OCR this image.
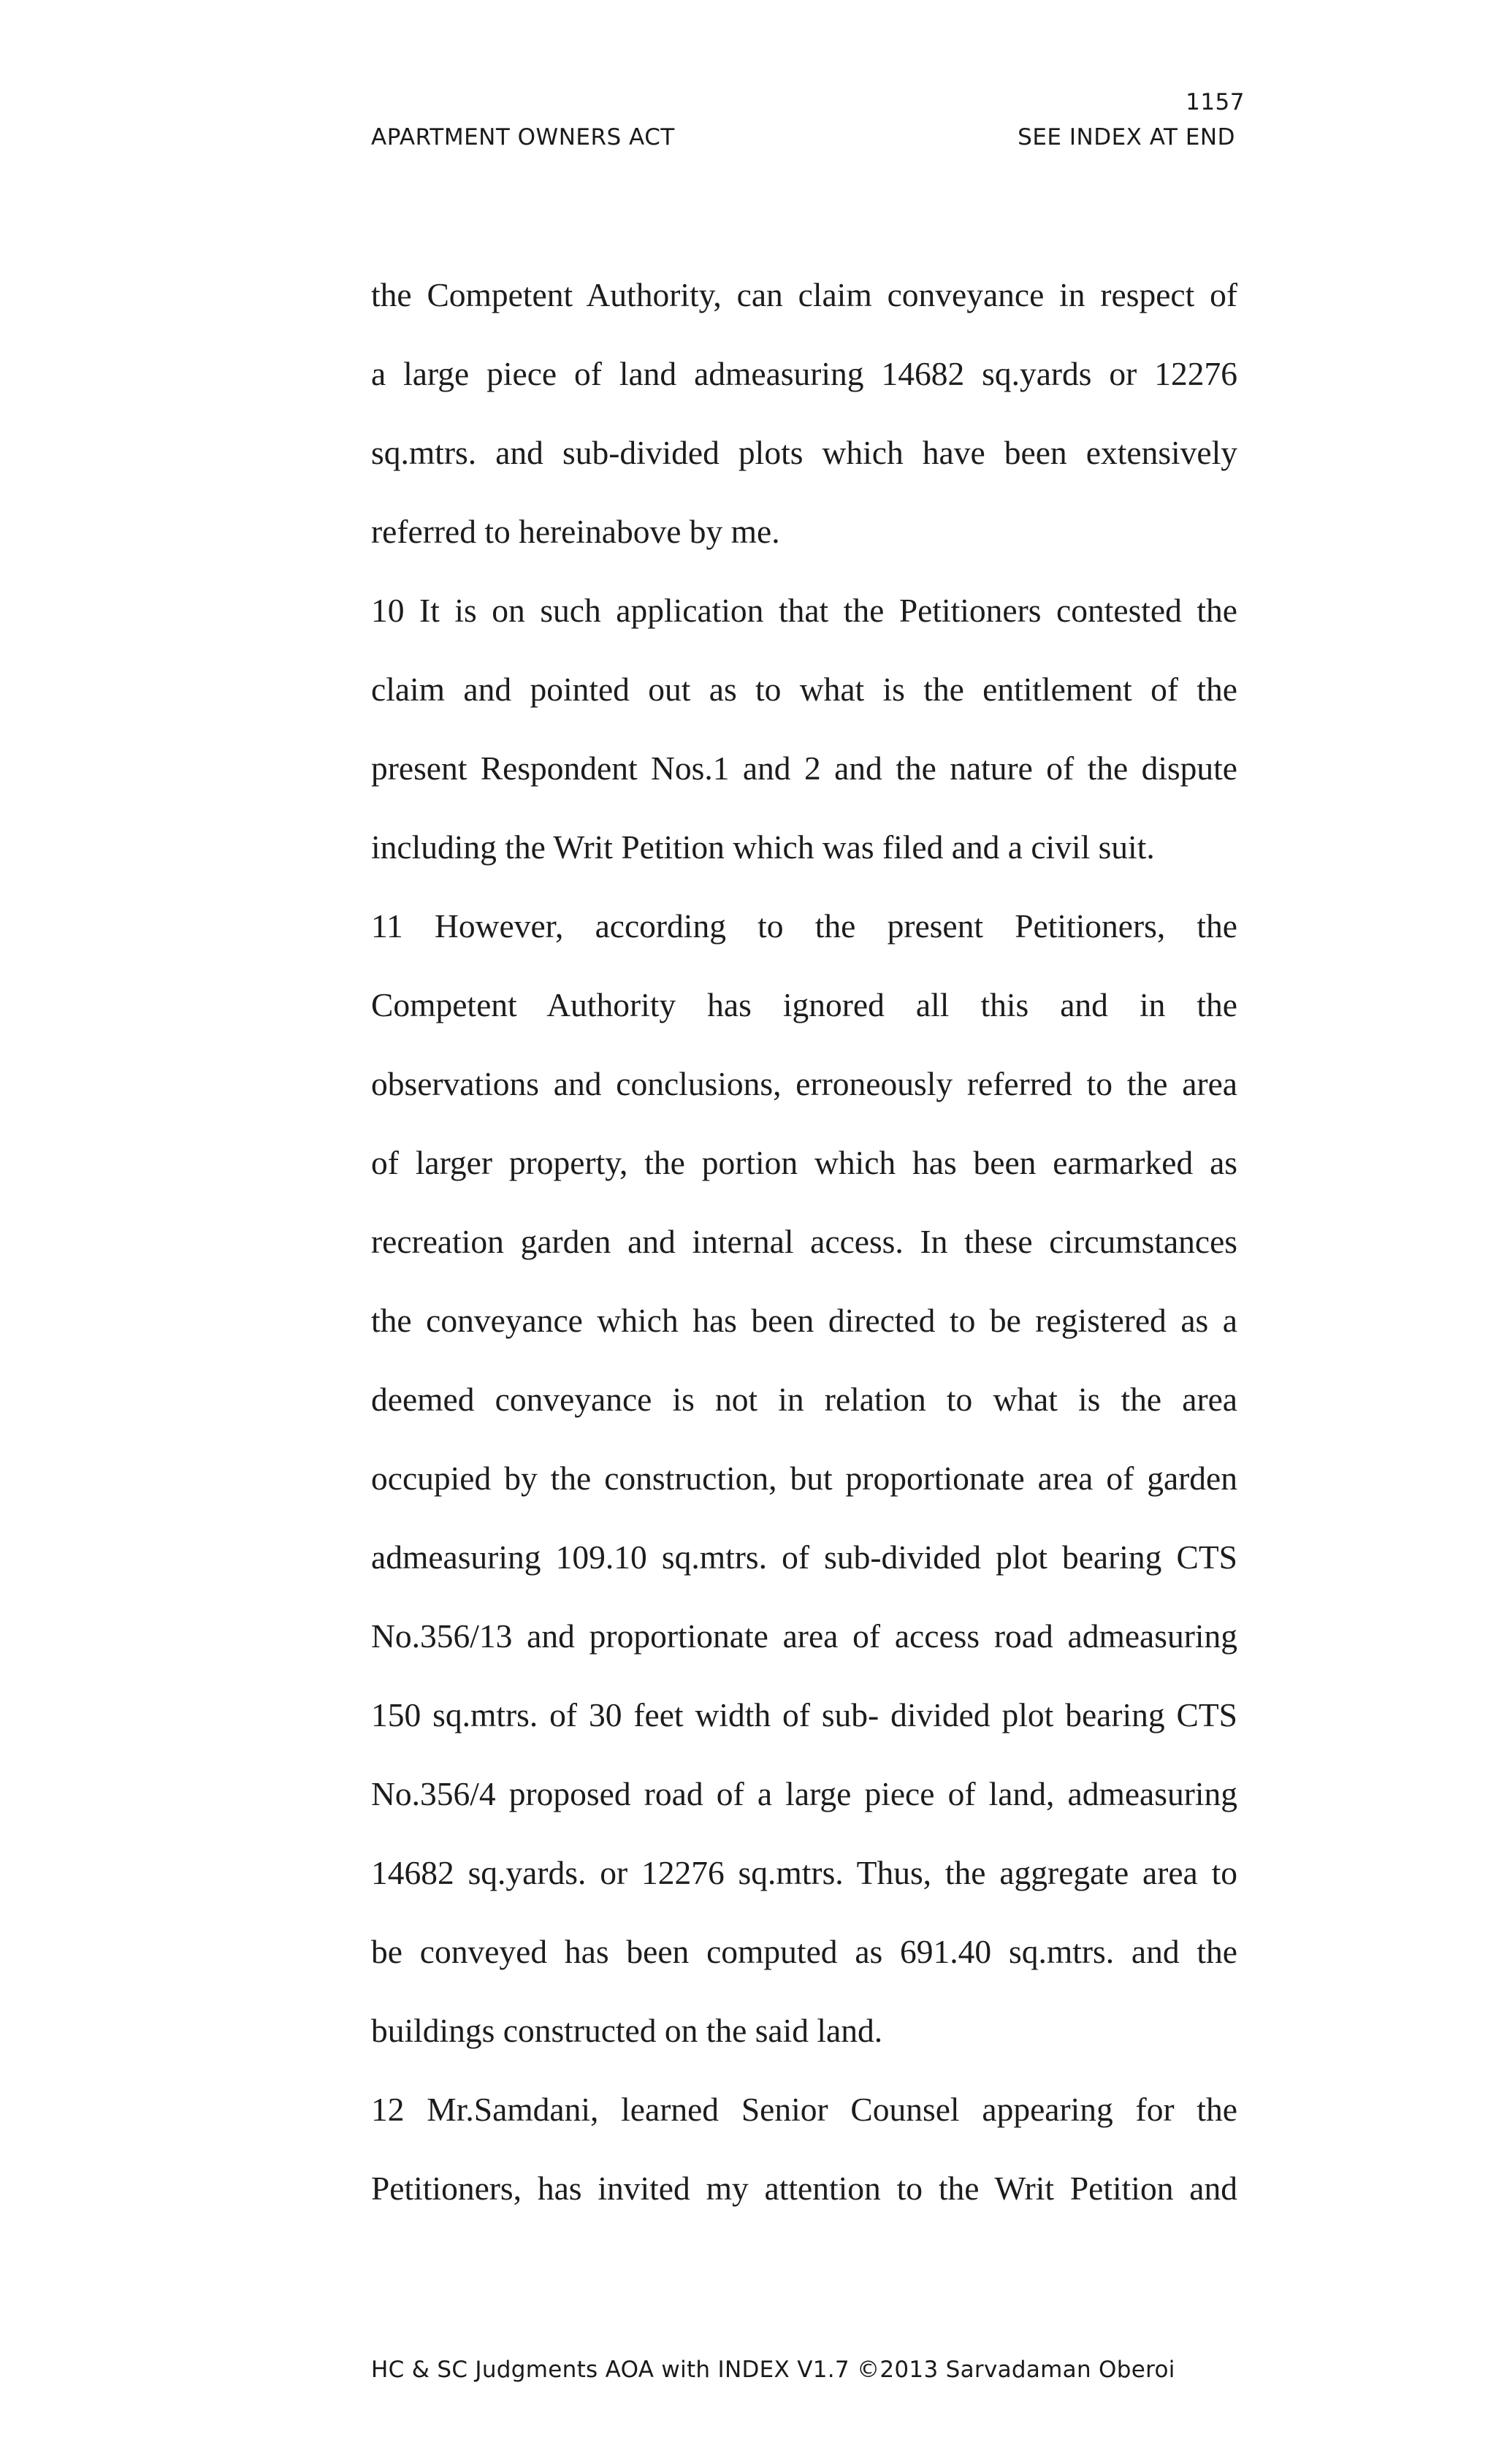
1157
APARTMENT OWNERS ACT	SEE INDEX AT END
the Competent Authority, can claim conveyance in respect of
a large piece of land admeasuring 14682 sq.yards or 12276
sq.mtrs. and sub-divided plots which have been extensively
referred to hereinabove by me.
10 It is on such application that the Petitioners contested the
claim and pointed out as to what is the entitlement of the
present Respondent Nos.1 and 2 and the nature of the dispute
including the Writ Petition which was filed and a civil suit.
11 However, according to the present Petitioners, the
Competent Authority has ignored all this and in the
observations and conclusions, erroneously referred to the area
of larger property, the portion which has been earmarked as
recreation garden and internal access. In these circumstances
the conveyance which has been directed to be registered as a
deemed conveyance is not in relation to what is the area
occupied by the construction, but proportionate area of garden
admeasuring 109.10 sq.mtrs. of sub-divided plot bearing CTS
No.356/13 and proportionate area of access road admeasuring
150 sq.mtrs. of 30 feet width of sub- divided plot bearing CTS
No.356/4 proposed road of a large piece of land, admeasuring
14682 sq.yards. or 12276 sq.mtrs. Thus, the aggregate area to
be conveyed has been computed as 691.40 sq.mtrs. and the
buildings constructed on the said land.
12 Mr.Samdani, learned Senior Counsel appearing for the
Petitioners, has invited my attention to the Writ Petition and
HC & SC Judgments AOA with INDEX V1.7 ©2013 Sarvadaman Oberoi
